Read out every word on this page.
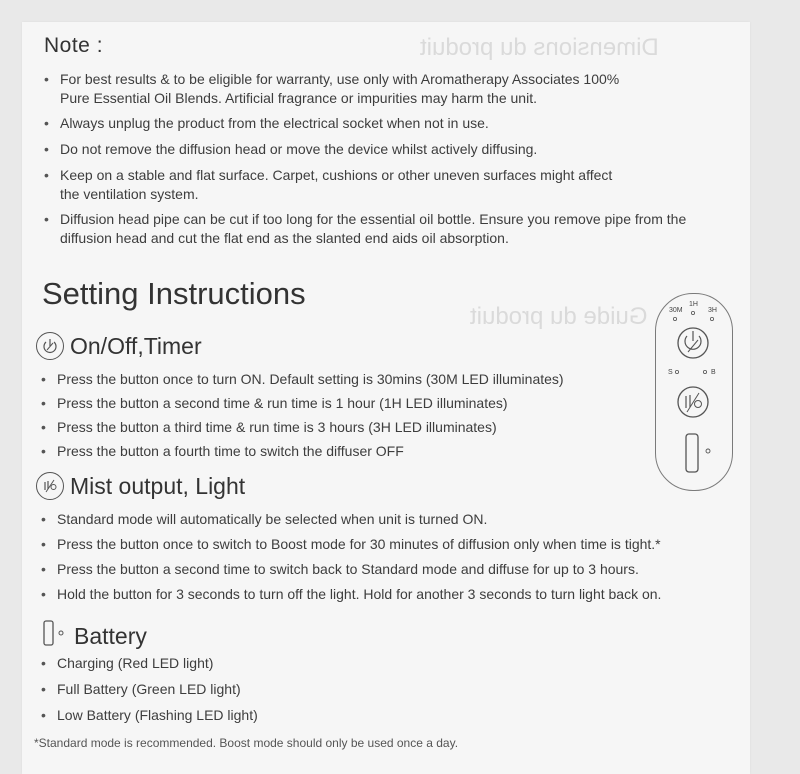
Dimensions du produit
Guide du produit
Note :
• For best results & to be eligible for warranty, use only with Aromatherapy Associates 100% Pure Essential Oil Blends. Artificial fragrance or impurities may harm the unit.
• Always unplug the product from the electrical socket when not in use.
• Do not remove the diffusion head or move the device whilst actively diffusing.
• Keep on a stable and flat surface. Carpet, cushions or other uneven surfaces might affect the ventilation system.
• Diffusion head pipe can be cut if too long for the essential oil bottle. Ensure you remove pipe from the diffusion head and cut the flat end as the slanted end aids oil absorption.
Setting Instructions
On/Off,Timer
• Press the button once to turn ON. Default setting is 30mins (30M LED illuminates)
• Press the button a second time & run time is 1 hour (1H LED illuminates)
• Press the button a third time & run time is 3 hours (3H LED illuminates)
• Press the button a fourth time to switch the diffuser OFF
Mist output, Light
• Standard mode will automatically be selected when unit is turned ON.
• Press the button once to switch to Boost mode for 30 minutes of diffusion only when time is tight.*
• Press the button a second time to switch back to Standard mode and diffuse for up to 3 hours.
• Hold the button for 3 seconds to turn off the light. Hold for another 3 seconds to turn light back on.
Battery
• Charging (Red LED light)
• Full Battery (Green LED light)
• Low Battery (Flashing LED light)
*Standard mode is recommended. Boost mode should only be used once a day.
30M
1H
3H
S	B
